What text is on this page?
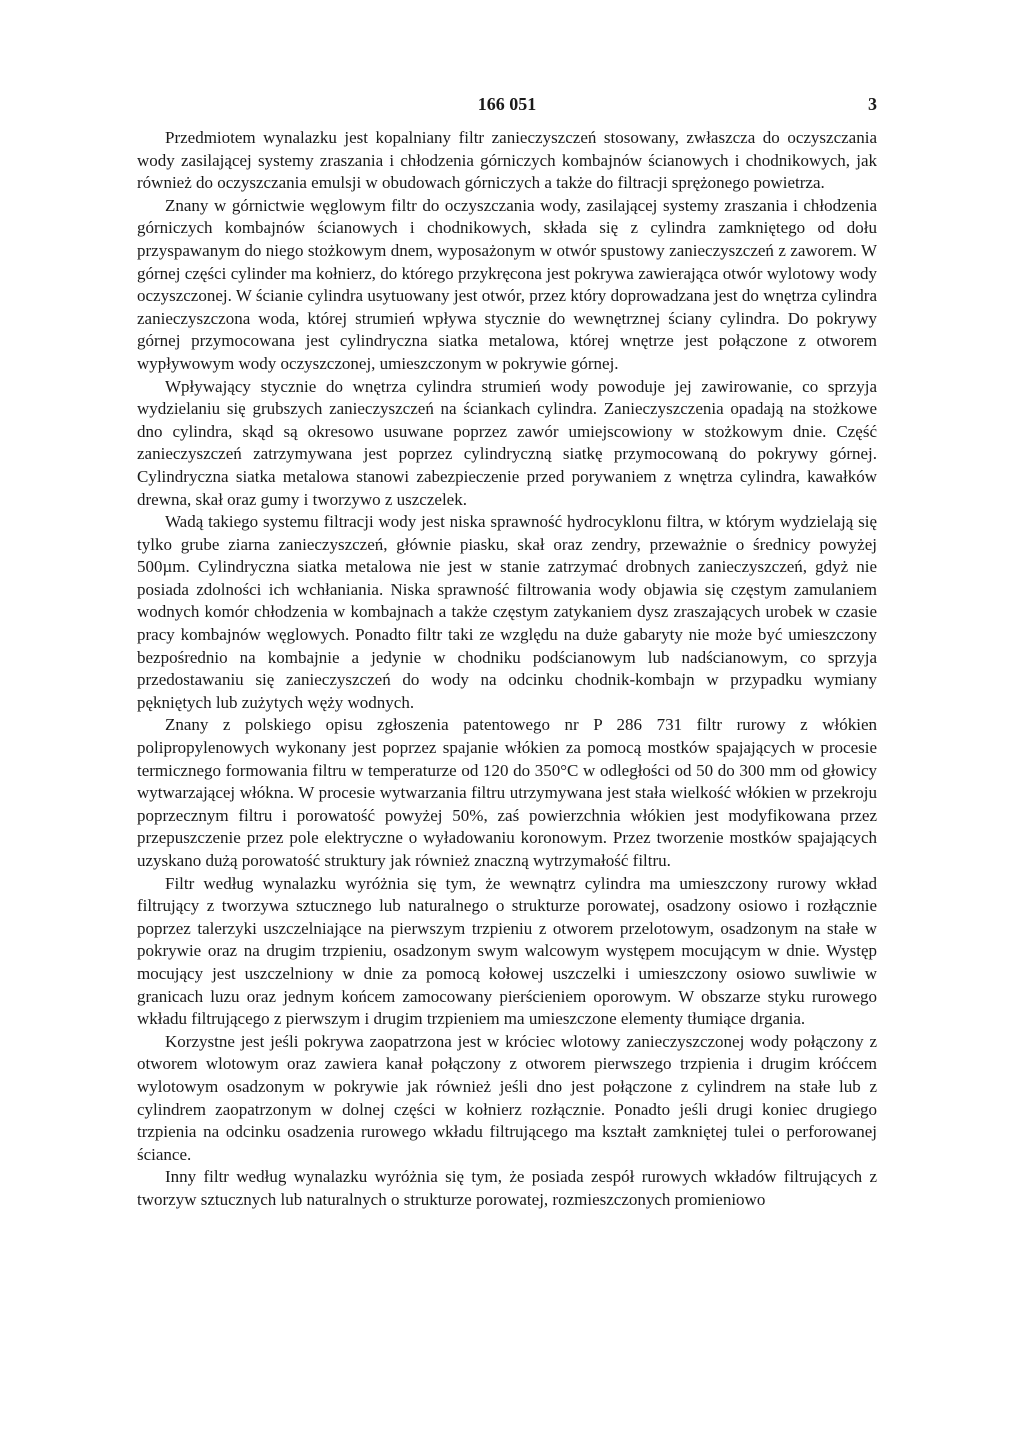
166 051	3

Przedmiotem wynalazku jest kopalniany filtr zanieczyszczeń stosowany, zwłaszcza do oczyszczania wody zasilającej systemy zraszania i chłodzenia górniczych kombajnów ścianowych i chodnikowych, jak również do oczyszczania emulsji w obudowach górniczych a także do filtracji sprężonego powietrza.

Znany w górnictwie węglowym filtr do oczyszczania wody, zasilającej systemy zraszania i chłodzenia górniczych kombajnów ścianowych i chodnikowych, składa się z cylindra zamkniętego od dołu przyspawanym do niego stożkowym dnem, wyposażonym w otwór spustowy zanieczyszczeń z zaworem. W górnej części cylinder ma kołnierz, do którego przykręcona jest pokrywa zawierająca otwór wylotowy wody oczyszczonej. W ścianie cylindra usytuowany jest otwór, przez który doprowadzana jest do wnętrza cylindra zanieczyszczona woda, której strumień wpływa stycznie do wewnętrznej ściany cylindra. Do pokrywy górnej przymocowana jest cylindryczna siatka metalowa, której wnętrze jest połączone z otworem wypływowym wody oczyszczonej, umieszczonym w pokrywie górnej.

Wpływający stycznie do wnętrza cylindra strumień wody powoduje jej zawirowanie, co sprzyja wydzielaniu się grubszych zanieczyszczeń na ściankach cylindra. Zanieczyszczenia opadają na stożkowe dno cylindra, skąd są okresowo usuwane poprzez zawór umiejscowiony w stożkowym dnie. Część zanieczyszczeń zatrzymywana jest poprzez cylindryczną siatkę przymocowaną do pokrywy górnej. Cylindryczna siatka metalowa stanowi zabezpieczenie przed porywaniem z wnętrza cylindra, kawałków drewna, skał oraz gumy i tworzywo z uszczelek.

Wadą takiego systemu filtracji wody jest niska sprawność hydrocyklonu filtra, w którym wydzielają się tylko grube ziarna zanieczyszczeń, głównie piasku, skał oraz zendry, przeważnie o średnicy powyżej 500µm. Cylindryczna siatka metalowa nie jest w stanie zatrzymać drobnych zanieczyszczeń, gdyż nie posiada zdolności ich wchłaniania. Niska sprawność filtrowania wody objawia się częstym zamulaniem wodnych komór chłodzenia w kombajnach a także częstym zatykaniem dysz zraszających urobek w czasie pracy kombajnów węglowych. Ponadto filtr taki ze względu na duże gabaryty nie może być umieszczony bezpośrednio na kombajnie a jedynie w chodniku podścianowym lub nadścianowym, co sprzyja przedostawaniu się zanieczyszczeń do wody na odcinku chodnik-kombajn w przypadku wymiany pękniętych lub zużytych węży wodnych.

Znany z polskiego opisu zgłoszenia patentowego nr P 286 731 filtr rurowy z włókien polipropylenowych wykonany jest poprzez spajanie włókien za pomocą mostków spajających w procesie termicznego formowania filtru w temperaturze od 120 do 350°C w odległości od 50 do 300 mm od głowicy wytwarzającej włókna. W procesie wytwarzania filtru utrzymywana jest stała wielkość włókien w przekroju poprzecznym filtru i porowatość powyżej 50%, zaś powierzchnia włókien jest modyfikowana przez przepuszczenie przez pole elektryczne o wyładowaniu koronowym. Przez tworzenie mostków spajających uzyskano dużą porowatość struktury jak również znaczną wytrzymałość filtru.

Filtr według wynalazku wyróżnia się tym, że wewnątrz cylindra ma umieszczony rurowy wkład filtrujący z tworzywa sztucznego lub naturalnego o strukturze porowatej, osadzony osiowo i rozłącznie poprzez talerzyki uszczelniające na pierwszym trzpieniu z otworem przelotowym, osadzonym na stałe w pokrywie oraz na drugim trzpieniu, osadzonym swym walcowym występem mocującym w dnie. Występ mocujący jest uszczelniony w dnie za pomocą kołowej uszczelki i umieszczony osiowo suwliwie w granicach luzu oraz jednym końcem zamocowany pierścieniem oporowym. W obszarze styku rurowego wkładu filtrującego z pierwszym i drugim trzpieniem ma umieszczone elementy tłumiące drgania.

Korzystne jest jeśli pokrywa zaopatrzona jest w króciec wlotowy zanieczyszczonej wody połączony z otworem wlotowym oraz zawiera kanał połączony z otworem pierwszego trzpienia i drugim króćcem wylotowym osadzonym w pokrywie jak również jeśli dno jest połączone z cylindrem na stałe lub z cylindrem zaopatrzonym w dolnej części w kołnierz rozłącznie. Ponadto jeśli drugi koniec drugiego trzpienia na odcinku osadzenia rurowego wkładu filtrującego ma kształt zamkniętej tulei o perforowanej ściance.

Inny filtr według wynalazku wyróżnia się tym, że posiada zespół rurowych wkładów filtrujących z tworzyw sztucznych lub naturalnych o strukturze porowatej, rozmieszczonych promieniowo
